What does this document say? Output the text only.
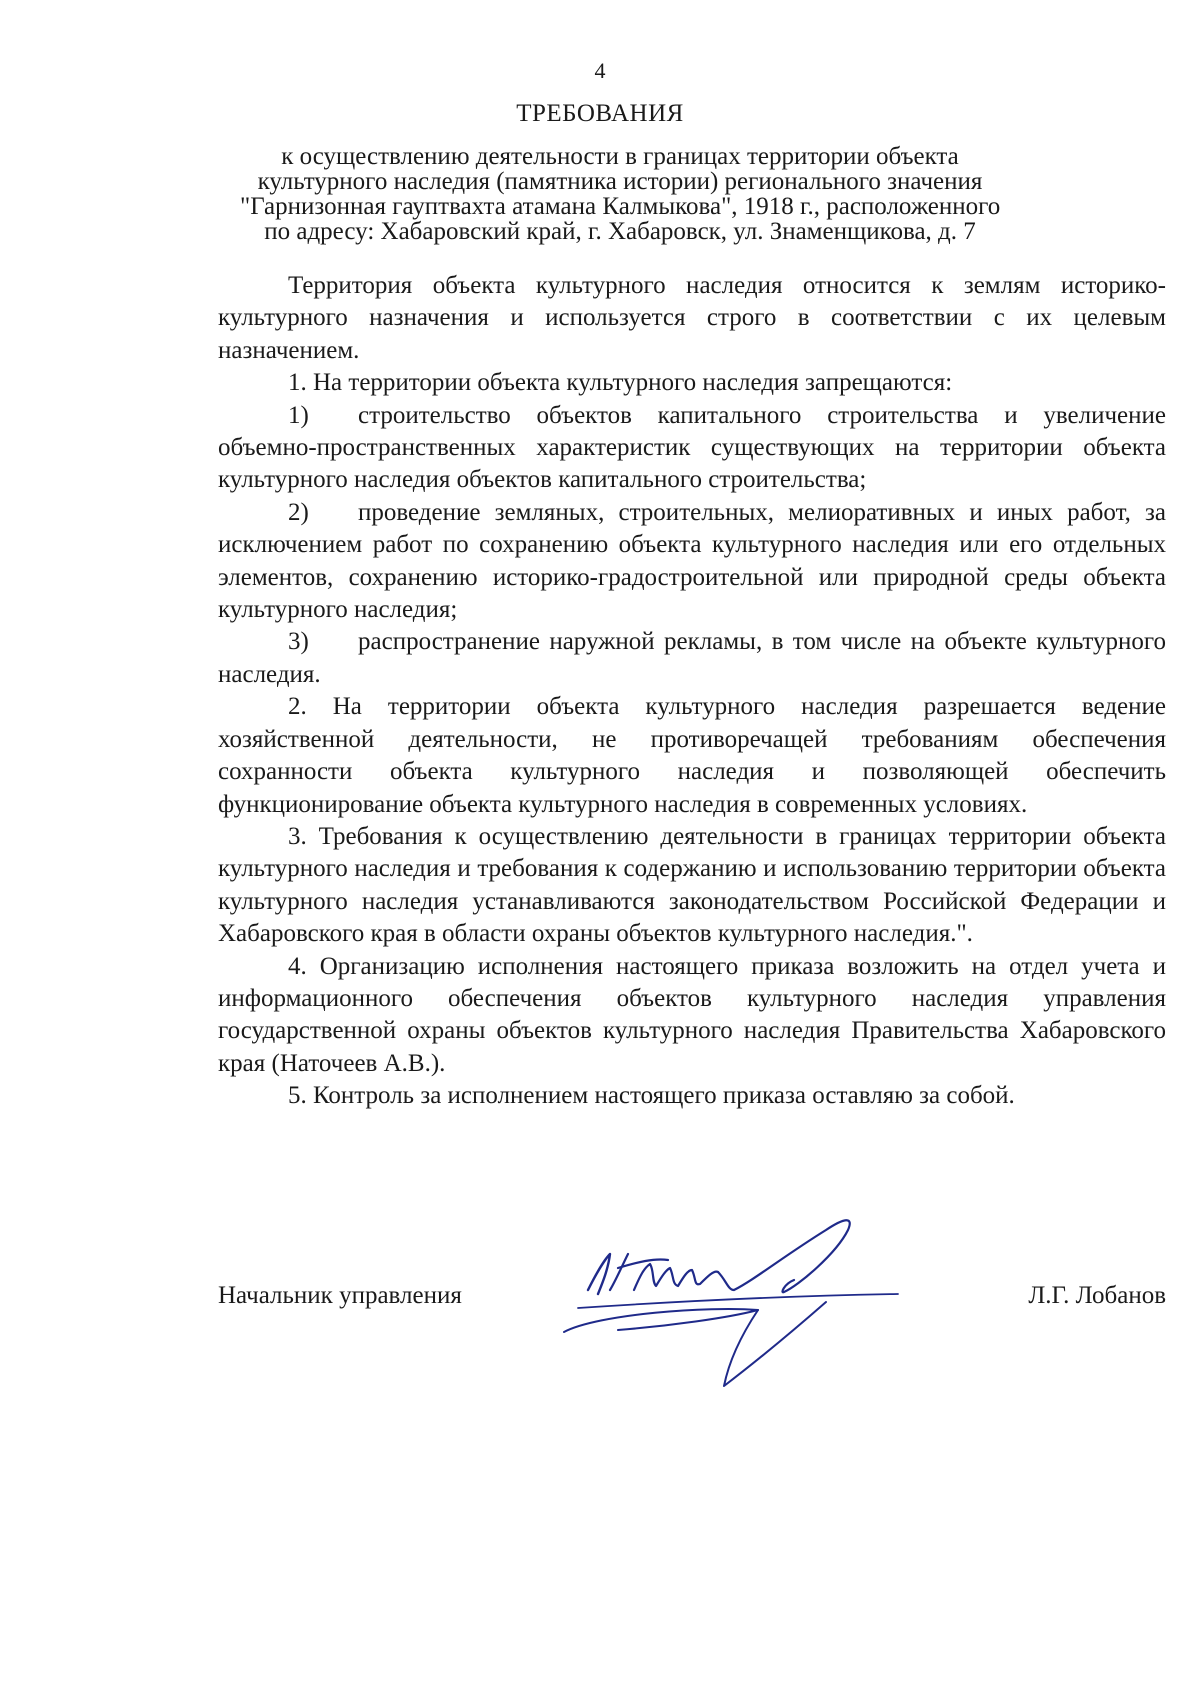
4
ТРЕБОВАНИЯ
к осуществлению деятельности в границах территории объекта
культурного наследия (памятника истории) регионального значения
"Гарнизонная гауптвахта атамана Калмыкова", 1918 г., расположенного
по адресу: Хабаровский край, г. Хабаровск, ул. Знаменщикова, д. 7

Территория объекта культурного наследия относится к землям историко-культурного назначения и используется строго в соответствии с их целевым назначением.

1. На территории объекта культурного наследия запрещаются:

1) строительство объектов капитального строительства и увеличение объемно-пространственных характеристик существующих на территории объекта культурного наследия объектов капитального строительства;

2) проведение земляных, строительных, мелиоративных и иных работ, за исключением работ по сохранению объекта культурного наследия или его отдельных элементов, сохранению историко-градостроительной или природной среды объекта культурного наследия;

3) распространение наружной рекламы, в том числе на объекте культурного наследия.

2. На территории объекта культурного наследия разрешается ведение хозяйственной деятельности, не противоречащей требованиям обеспечения сохранности объекта культурного наследия и позволяющей обеспечить функционирование объекта культурного наследия в современных условиях.

3. Требования к осуществлению деятельности в границах территории объекта культурного наследия и требования к содержанию и использованию территории объекта культурного наследия устанавливаются законодательством Российской Федерации и Хабаровского края в области охраны объектов культурного наследия.".

4. Организацию исполнения настоящего приказа возложить на отдел учета и информационного обеспечения объектов культурного наследия управления государственной охраны объектов культурного наследия Правительства Хабаровского края (Наточеев А.В.).

5. Контроль за исполнением настоящего приказа оставляю за собой.

Начальник управления	Л.Г. Лобанов
